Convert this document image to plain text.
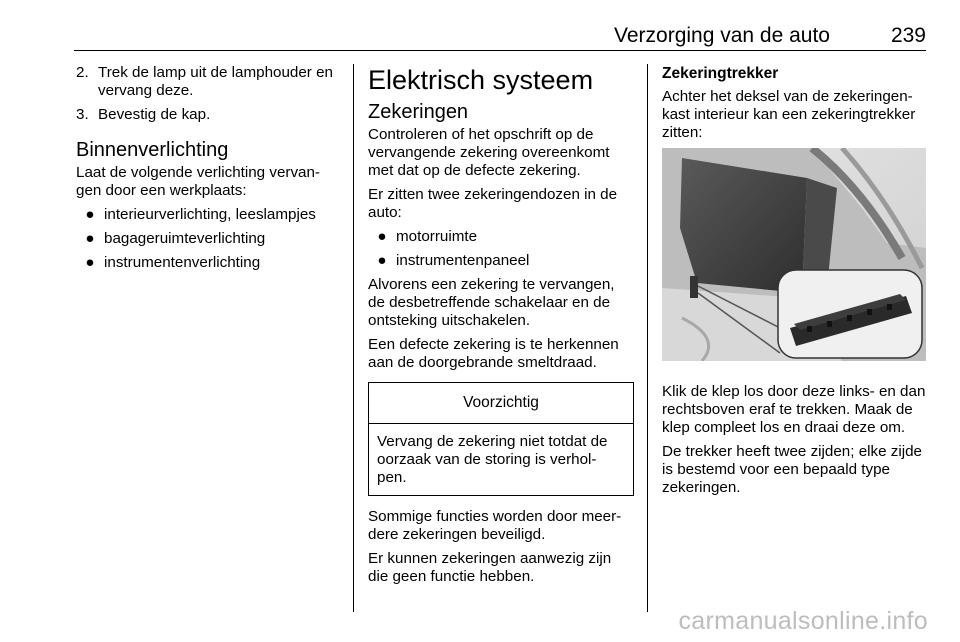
Verzorging van de auto	239
2. Trek de lamp uit de lamphouder en vervang deze.
3. Bevestig de kap.
Binnenverlichting

Laat de volgende verlichting vervan- gen door een werkplaats:

● interieurverlichting, leeslampjes
● bagageruimteverlichting
● instrumentenverlichting
Elektrisch systeem
Zekeringen

Controleren of het opschrift op de vervangende zekering overeenkomt met dat op de defecte zekering.

Er zitten twee zekeringendozen in de auto:

● motorruimte
● instrumentenpaneel

Alvorens een zekering te vervangen, de desbetreffende schakelaar en de ontsteking uitschakelen.

Een defecte zekering is te herkennen aan de doorgebrande smeltdraad.

Voorzichtig
Vervang de zekering niet totdat de oorzaak van de storing is verhol- pen.

Sommige functies worden door meer- dere zekeringen beveiligd.

Er kunnen zekeringen aanwezig zijn die geen functie hebben.

Zekeringtrekker

Achter het deksel van de zekeringen- kast interieur kan een zekeringtrekker zitten:

Klik de klep los door deze links- en dan rechtsboven eraf te trekken. Maak de klep compleet los en draai deze om.

De trekker heeft twee zijden; elke zijde is bestemd voor een bepaald type zekeringen.

carmanualsonline.info
